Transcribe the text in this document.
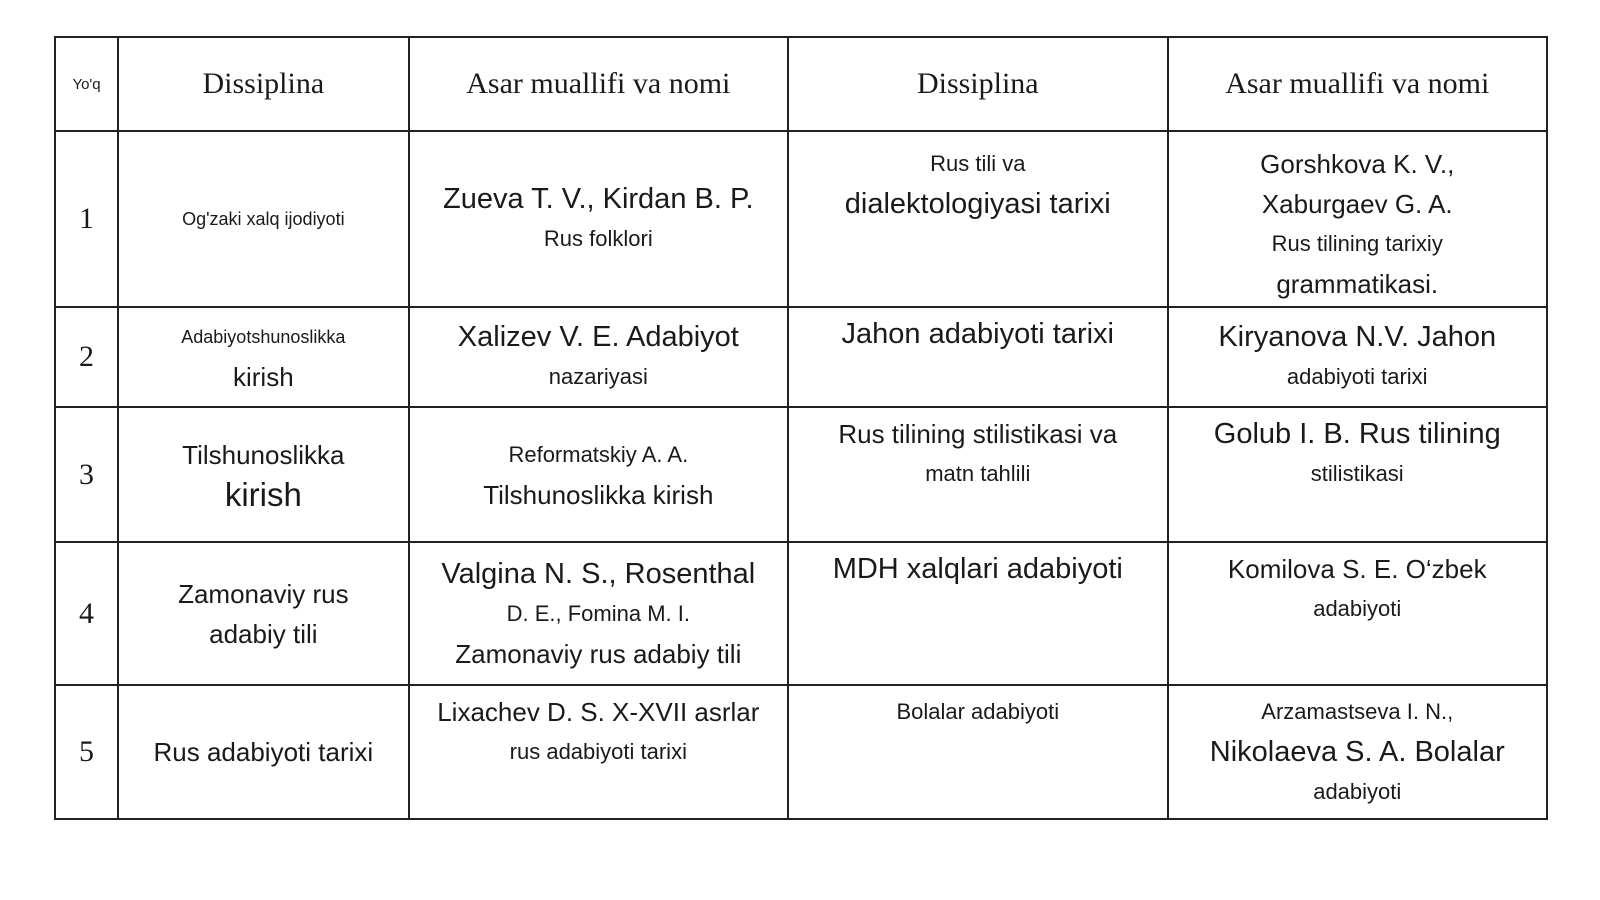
Yo'q	Dissiplina	Asar muallifi va nomi	Dissiplina	Asar muallifi va nomi
1	Og'zaki xalq ijodiyoti	Zueva T. V., Kirdan B. P.
Rus folklori	Rus tili va
dialektologiyasi tarixi	Gorshkova K. V.,
Xaburgaev G. A.
Rus tilining tarixiy
grammatikasi.

2	Adabiyotshunoslikka
kirish	Xalizev V. E. Adabiyot
nazariyasi	Jahon adabiyoti tarixi	Kiryanova N.V. Jahon
adabiyoti tarixi

3	Tilshunoslikka
kirish	Reformatskiy A. A.
Tilshunoslikka kirish	Rus tilining stilistikasi va
matn tahlili	Golub I. B. Rus tilining
stilistikasi

4	Zamonaviy rus
adabiy tili	Valgina N. S., Rosenthal
D. E., Fomina M. I.
Zamonaviy rus adabiy tili	MDH xalqlari adabiyoti	Komilova S. E. O‘zbek
adabiyoti

5	Rus adabiyoti tarixi	Lixachev D. S. X-XVII asrlar
rus adabiyoti tarixi	Bolalar adabiyoti	Arzamastseva I. N.,
Nikolaeva S. A. Bolalar
adabiyoti
